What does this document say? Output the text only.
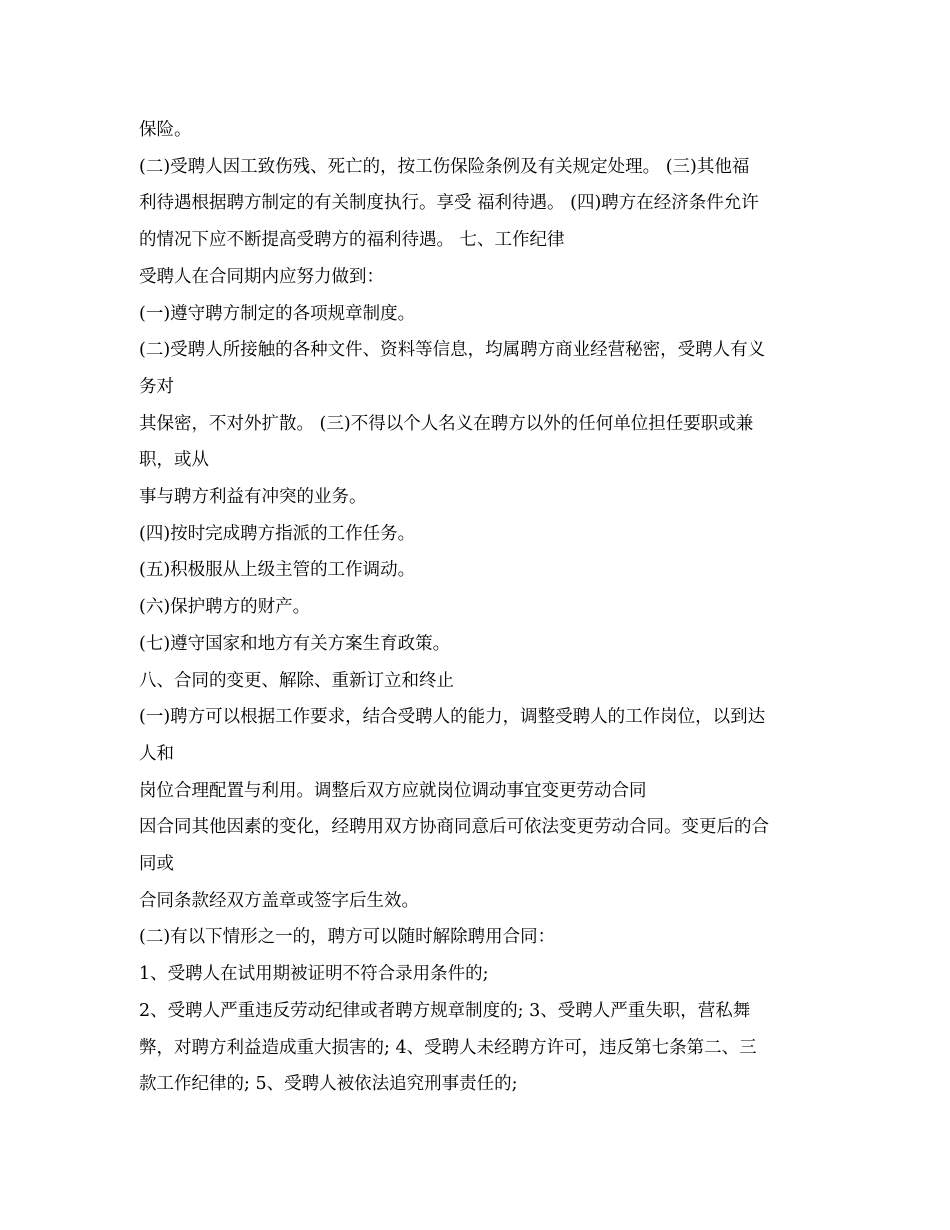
保险。

(二)受聘人因工致伤残、死亡的，按工伤保险条例及有关规定处理。 (三)其他福

利待遇根据聘方制定的有关制度执行。享受 福利待遇。 (四)聘方在经济条件允许

的情况下应不断提高受聘方的福利待遇。 七、工作纪律

受聘人在合同期内应努力做到：

(一)遵守聘方制定的各项规章制度。

(二)受聘人所接触的各种文件、资料等信息，均属聘方商业经营秘密，受聘人有义

务对

其保密，不对外扩散。 (三)不得以个人名义在聘方以外的任何单位担任要职或兼

职，或从

事与聘方利益有冲突的业务。

(四)按时完成聘方指派的工作任务。

(五)积极服从上级主管的工作调动。

(六)保护聘方的财产。

(七)遵守国家和地方有关方案生育政策。

八、合同的变更、解除、重新订立和终止

(一)聘方可以根据工作要求，结合受聘人的能力，调整受聘人的工作岗位，以到达

人和

岗位合理配置与利用。调整后双方应就岗位调动事宜变更劳动合同

因合同其他因素的变化，经聘用双方协商同意后可依法变更劳动合同。变更后的合

同或

合同条款经双方盖章或签字后生效。

(二)有以下情形之一的，聘方可以随时解除聘用合同：

1、受聘人在试用期被证明不符合录用条件的;

2、受聘人严重违反劳动纪律或者聘方规章制度的; 3、受聘人严重失职，营私舞

弊，对聘方利益造成重大损害的; 4、受聘人未经聘方许可，违反第七条第二、三

款工作纪律的; 5、受聘人被依法追究刑事责任的;
